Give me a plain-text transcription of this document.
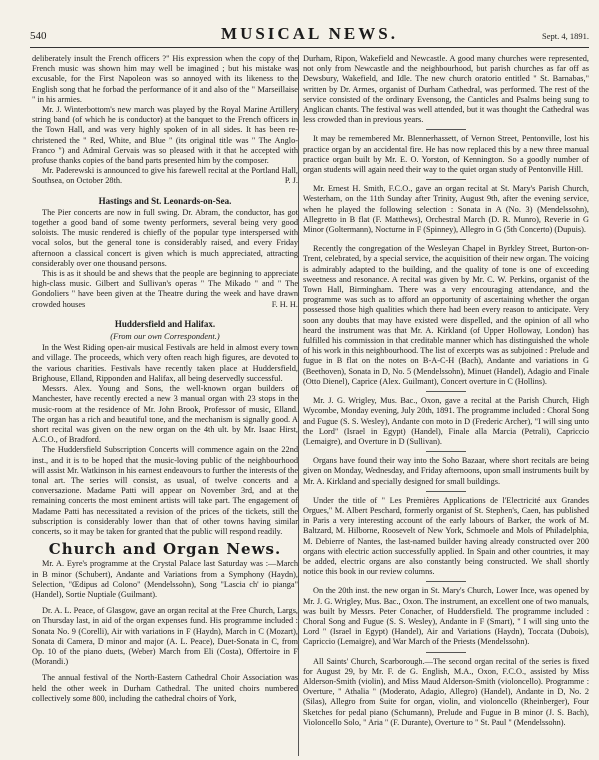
540	MUSICAL NEWS.	Sept. 4, 1891.

deliberately insult the French officers ?" His expression when the copy of the French music was shown him may well be imagined ; but his mistake was excusable, for the First Napoleon was so annoyed with its likeness to the English song that he forbad the performance of it and also of the " Marseillaise " in his armies.

Mr. J. Winterbottom's new march was played by the Royal Marine Artillery string band (of which he is conductor) at the banquet to the French officers in the Town Hall, and was very highly spoken of in all sides. It has been re-christened the " Red, White, and Blue " (its original title was " The Anglo-Franco ") and Admiral Gervais was so pleased with it that he accepted with profuse thanks copies of the band parts presented him by the composer.

Mr. Paderewski is announced to give his farewell recital at the Portland Hall, Southsea, on October 28th.	P. J.

Hastings and St. Leonards-on-Sea.

The Pier concerts are now in full swing. Dr. Abram, the conductor, has got together a good band of some twenty performers, several being very good soloists. The music rendered is chiefly of the popular type interspersed with vocal solos, but the general tone is considerably raised, and every Friday afternoon a classical concert is given which is much appreciated, attracting considerably over one thousand persons.

This is as it should be and shews that the people are beginning to appreciate high-class music. Gilbert and Sullivan's operas " The Mikado " and " The Gondoliers " have been given at the Theatre during the week and have drawn crowded houses	F. H. H.

Huddersfield and Halifax.
(From our own Correspondent.)

In the West Riding open-air musical Festivals are held in almost every town and village. The proceeds, which very often reach high figures, are devoted to the various charities. Festivals have recently taken place at Huddersfield, Brighouse, Elland, Ripponden and Halifax, all being deservedly successful.

Messrs. Alex. Young and Sons, the well-known organ builders of Manchester, have recently erected a new 3 manual organ with 23 stops in the music-room at the residence of Mr. John Brook, Professor of music, Elland. The organ has a rich and beautiful tone, and the mechanism is signally good. A short recital was given on the new organ on the 4th ult. by Mr. Isaac Hirst, A.C.O., of Bradford.

The Huddersfield Subscription Concerts will commence again on the 22nd inst., and it is to be hoped that the music-loving public of the neighbourhood will assist Mr. Watkinson in his earnest endeavours to further the interests of the tonal art. The series will consist, as usual, of twelve concerts and a conversazione. Madame Patti will appear on November 3rd, and at the remaining concerts the most eminent artists will take part. The engagement of Madame Patti has necessitated a revision of the prices of the tickets, still the subscription is considerably lower than that of other towns having similar concerts, so it may be taken for granted that the public will respond readily.

Church and Organ News.

Mr. A. Eyre's programme at the Crystal Palace last Saturday was :—March in B minor (Schubert), Andante and Variations from a Symphony (Haydn), Selection, "Œdipus ad Colono" (Mendelssohn), Song "Lascia ch' io pianga" (Handel), Sortie Nuptiale (Guilmant).

Dr. A. L. Peace, of Glasgow, gave an organ recital at the Free Church, Largs, on Thursday last, in aid of the organ expenses fund. His programme included : Sonata No. 9 (Corelli), Air with variations in F (Haydn), March in C (Mozart), Sonata di Camera, D minor and major (A. L. Peace), Duet-Sonata in C, from Op. 10 of the piano duets, (Weber) March from Eli (Costa), Offertoire in F (Morandi.)

The annual festival of the North-Eastern Cathedral Choir Association was held the other week in Durham Cathedral. The united choirs numbered collectively some 800, including the cathedral choirs of York,

Durham, Ripon, Wakefield and Newcastle. A good many churches were represented, not only from Newcastle and the neighbourhood, but parish churches as far off as Dewsbury, Wakefield, and Idle. The new church oratorio entitled " St. Barnabas," written by Dr. Armes, organist of Durham Cathedral, was performed. The rest of the service consisted of the ordinary Evensong, the Canticles and Psalms being sung to Anglican chants. The festival was well attended, but it was thought the Cathedral was less crowded than in previous years.

It may be remembered Mr. Blennerhassett, of Vernon Street, Pentonville, lost his practice organ by an accidental fire. He has now replaced this by a new three manual practice organ built by Mr. E. O. Yorston, of Kennington. So a goodly number of organ students will again need their way to the quiet organ study of Pentonville Hill.

Mr. Ernest H. Smith, F.C.O., gave an organ recital at St. Mary's Parish Church, Westerham, on the 11th Sunday after Trinity, August 9th, after the evening service, when he played the following selection : Sonata in A (No. 3) (Mendelssohn), Allegretto in B flat (F. Matthews), Orchestral March (D. R. Munro), Reverie in G Minor (Goltermann), Nocturne in F (Spinney), Allegro in G (5th Concerto) (Dupuis).

Recently the congregation of the Wesleyan Chapel in Byrkley Street, Burton-on-Trent, celebrated, by a special service, the acquisition of their new organ. The voicing is admirably adapted to the building, and the quality of tone is one of exceeding sweetness and resonance. A recital was given by Mr. C. W. Perkins, organist of the Town Hall, Birmingham. There was a very encouraging attendance, and the programme was such as to afford an opportunity of ascertaining whether the organ possessed those high qualities which there had been every reason to anticipate. Very soon any doubts that may have existed were dispelled, and the opinion of all who heard the instrument was that Mr. A. Kirkland (of Upper Holloway, London) has fulfilled his commission in that creditable manner which has distinguished the whole of his work in this neighbourhood. The list of excerpts was as subjoined : Prelude and fugue in B flat on the notes on B-A-C-H (Bach), Andante and variations in G (Beethoven), Sonata in D, No. 5 (Mendelssohn), Minuet (Handel), Adagio and Finale (Otto Dienel), Caprice (Alex. Guilmant), Concert overture in C (Hollins).

Mr. J. G. Wrigley, Mus. Bac., Oxon, gave a recital at the Parish Church, High Wycombe, Monday evening, July 20th, 1891. The programme included : Choral Song and Fugue (S. S. Wesley), Andante con moto in D (Frederic Archer), "I will sing unto the Lord" (Israel in Egypt) (Handel), Finale alla Marcia (Petrali), Capriccio (Lemaigre), and Overture in D (Sullivan).

Organs have found their way into the Soho Bazaar, where short recitals are being given on Monday, Wednesday, and Friday afternoons, upon small instruments built by Mr. A. Kirkland and specially designed for small buildings.

Under the title of " Les Premières Applications de l'Electricité aux Grandes Orgues," M. Albert Peschard, formerly organist of St. Stephen's, Caen, has published in Paris a very interesting account of the early labours of Barker, the work of M. Baltzard, M. Hilborne, Roosevelt of New York, Schmoele and Mols of Philadelphia, M. Debierre of Nantes, the last-named builder having already constructed over 200 organs with electric action successfully applied. In Spain and other countries, it may be added, electric organs are also constantly being constructed. We shall shortly notice this book in our review columns.

On the 20th inst. the new organ in St. Mary's Church, Lower Ince, was opened by Mr. J. G. Wrigley, Mus. Bac., Oxon. The instrument, an excellent one of two manuals, was built by Messrs. Peter Conacher, of Huddersfield. The programme included : Choral Song and Fugue (S. S. Wesley), Andante in F (Smart), " I will sing unto the Lord " (Israel in Egypt) (Handel), Air and Variations (Haydn), Toccata (Dubois), Capriccio (Lemaigre), and War March of the Priests (Mendelssohn).

All Saints' Church, Scarborough.—The second organ recital of the series is fixed for August 29, by Mr. F. de G. English, M.A., Oxon, F.C.O., assisted by Miss Alderson-Smith (violin), and Miss Maud Alderson-Smith (violoncello). Programme : Overture, " Athalia " (Moderato, Adagio, Allegro) (Handel), Andante in D, No. 2 (Silas), Allegro from Suite for organ, violin, and violoncello (Rheinberger), Four Sketches for pedal piano (Schumann), Prelude and Fugue in B minor (J. S. Bach), Violoncello Solo, " Aria " (F. Durante), Overture to " St. Paul " (Mendelssohn).
